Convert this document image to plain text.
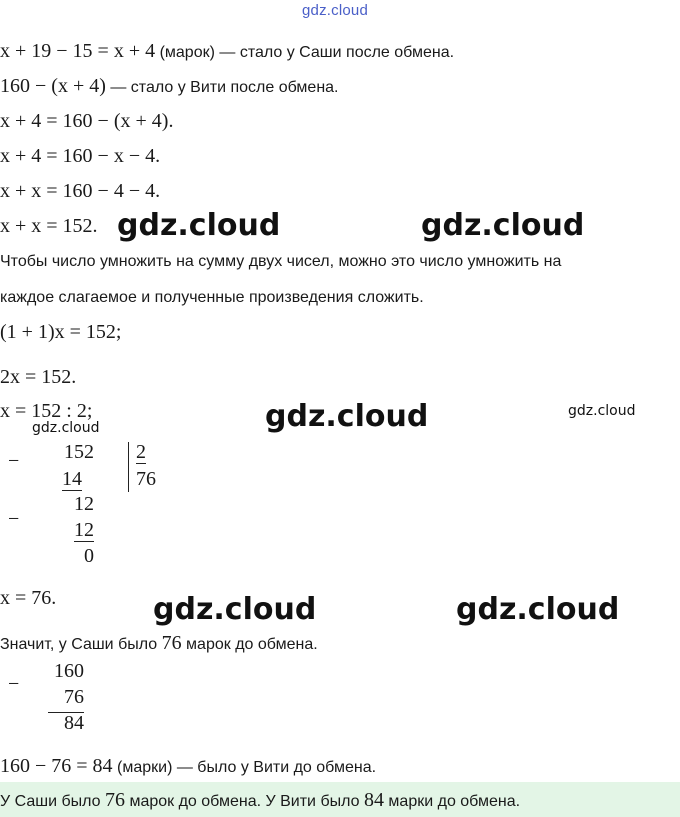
gdz.cloud
x + 19 − 15 = x + 4 (марок) — стало у Саши после обмена.
160 − (x + 4) — стало у Вити после обмена.
x + 4 = 160 − (x + 4).
x + 4 = 160 − x − 4.
x + x = 160 − 4 − 4.
x + x = 152. gdz.cloud	gdz.cloud
Чтобы число умножить на сумму двух чисел, можно это число умножить на
каждое слагаемое и полученные произведения сложить.
(1 + 1)x = 152;
2x = 152.
x = 152 : 2;
gdz.cloud	gdz.cloud	gdz.cloud
−	152
14
2
76
−
12
12
0
x = 76.	gdz.cloud	gdz.cloud
Значит, у Саши было 76 марок до обмена.
−
160
76
84
160 − 76 = 84 (марки) — было у Вити до обмена.
У Саши было 76 марок до обмена. У Вити было 84 марки до обмена.
